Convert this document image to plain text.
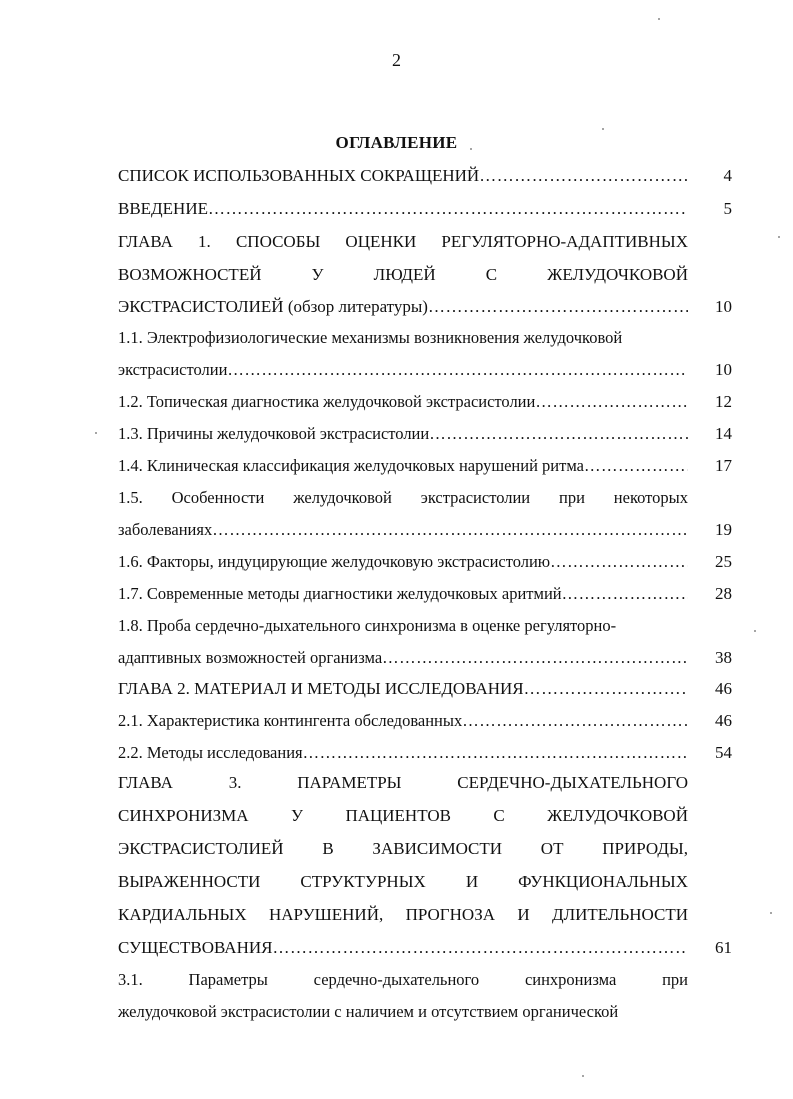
2
ОГЛАВЛЕНИЕ
СПИСОК ИСПОЛЬЗОВАННЫХ СОКРАЩЕНИЙ ……………………………………………………………………………………………………………	4
ВВЕДЕНИЕ ……………………………………………………………………………………………………………	5
ГЛАВА 1. СПОСОБЫ ОЦЕНКИ РЕГУЛЯТОРНО-АДАПТИВНЫХ
ВОЗМОЖНОСТЕЙ У ЛЮДЕЙ С ЖЕЛУДОЧКОВОЙ
ЭКСТРАСИСТОЛИЕЙ (обзор литературы) ……………………………………………………………………………………………………………	10
1.1. Электрофизиологические механизмы возникновения желудочковой
экстрасистолии ……………………………………………………………………………………………………………	10
1.2. Топическая диагностика желудочковой экстрасистолии ……………………………………………………………………………………………………………	12
1.3. Причины желудочковой экстрасистолии ……………………………………………………………………………………………………………	14
1.4. Клиническая классификация желудочковых нарушений ритма ……………………………………………………………………………………………………………	17
1.5. Особенности желудочковой экстрасистолии при некоторых
заболеваниях ……………………………………………………………………………………………………………	19
1.6. Факторы, индуцирующие желудочковую экстрасистолию ……………………………………………………………………………………………………………	25
1.7. Современные методы диагностики желудочковых аритмий ……………………………………………………………………………………………………………	28
1.8. Проба сердечно-дыхательного синхронизма в оценке регуляторно-
адаптивных возможностей организма ……………………………………………………………………………………………………………	38
ГЛАВА 2. МАТЕРИАЛ И МЕТОДЫ ИССЛЕДОВАНИЯ ……………………………………………………………………………………………………………	46
2.1. Характеристика контингента обследованных ……………………………………………………………………………………………………………	46
2.2. Методы исследования ……………………………………………………………………………………………………………	54
ГЛАВА 3. ПАРАМЕТРЫ СЕРДЕЧНО-ДЫХАТЕЛЬНОГО
СИНХРОНИЗМА У ПАЦИЕНТОВ С ЖЕЛУДОЧКОВОЙ
ЭКСТРАСИСТОЛИЕЙ В ЗАВИСИМОСТИ ОТ ПРИРОДЫ,
ВЫРАЖЕННОСТИ СТРУКТУРНЫХ И ФУНКЦИОНАЛЬНЫХ
КАРДИАЛЬНЫХ НАРУШЕНИЙ, ПРОГНОЗА И ДЛИТЕЛЬНОСТИ
СУЩЕСТВОВАНИЯ ……………………………………………………………………………………………………………	61
3.1. Параметры сердечно-дыхательного синхронизма при
желудочковой экстрасистолии с наличием и отсутствием органической
